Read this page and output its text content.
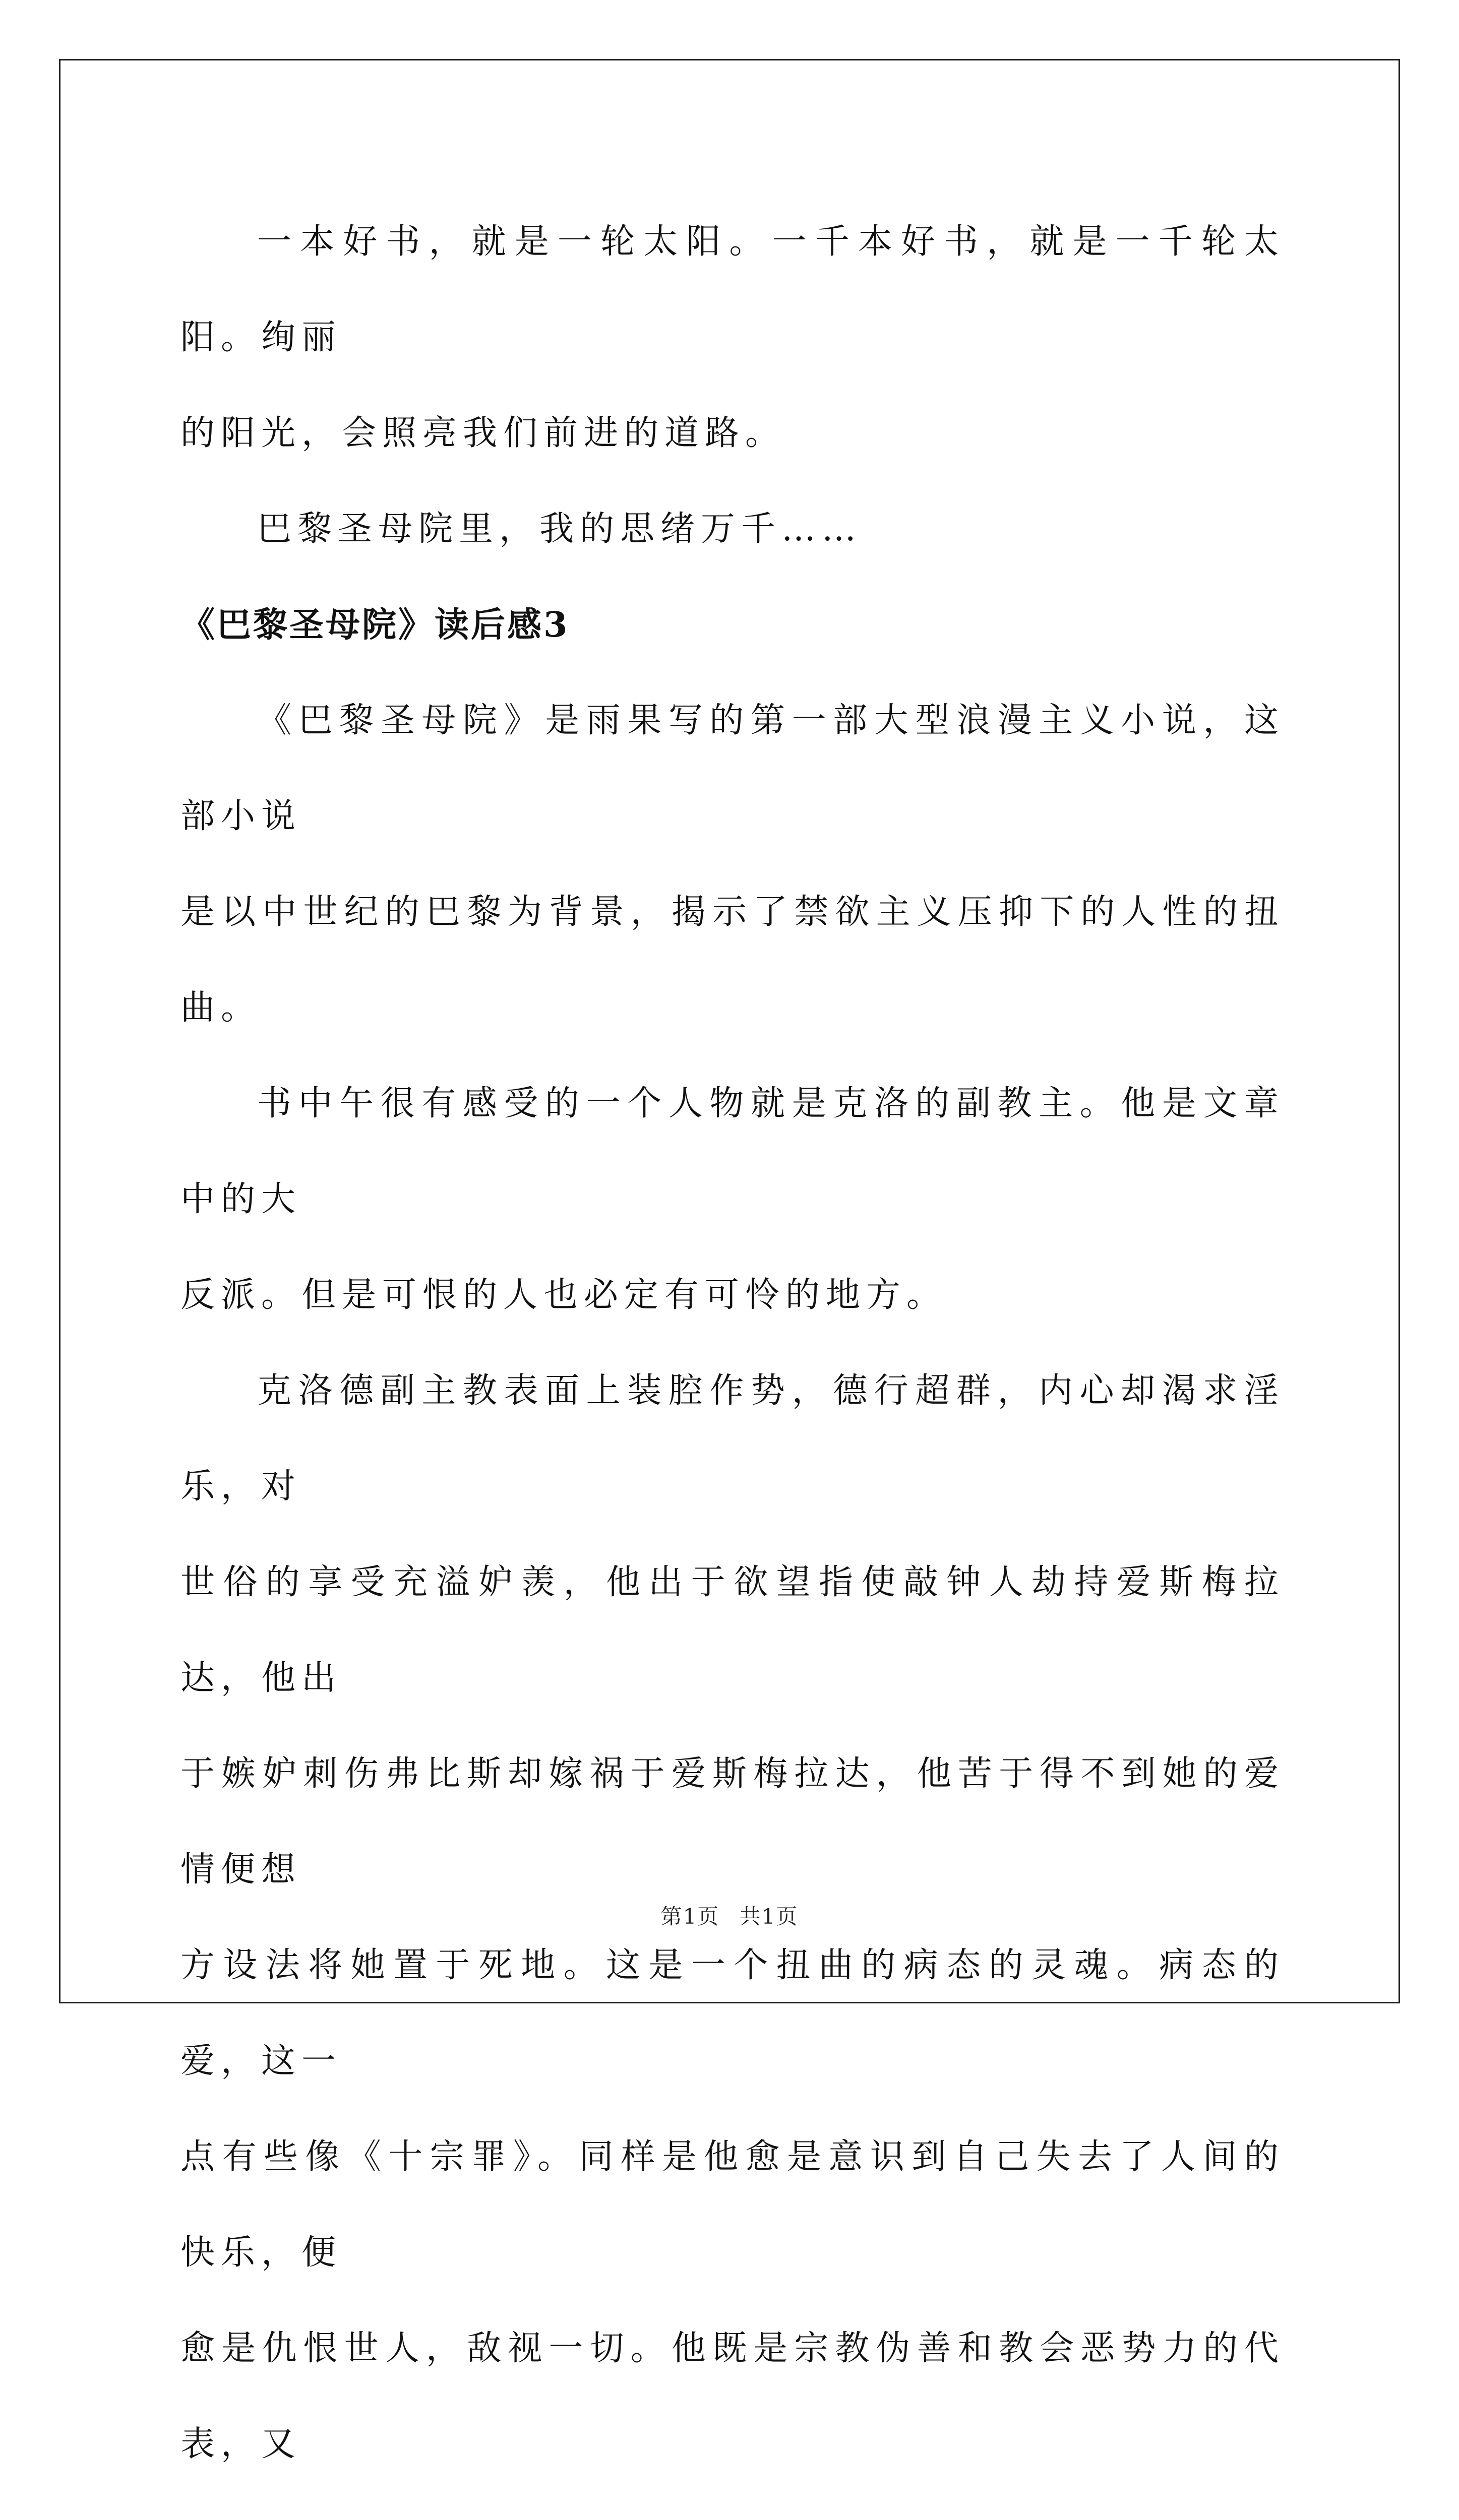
一本好书，就是一轮太阳。一千本好书，就是一千轮太阳。绚丽
的阳光，会照亮我们前进的道路。

巴黎圣母院里，我的思绪万千……

《巴黎圣母院》读后感3

《巴黎圣母院》是雨果写的第一部大型浪漫主义小说，这部小说
是以中世纪的巴黎为背景，揭示了禁欲主义压抑下的人性的扭曲。

书中午很有感受的一个人物就是克洛的副教主。他是文章中的大
反派。但是可恨的人也必定有可怜的地方。

克洛德副主教表面上装腔作势，德行超群，内心却渴求淫乐，对
世俗的享受充溢妒羡，他出于欲望指使敲钟人劫持爱斯梅拉达，他出
于嫉妒刺伤弗比斯却嫁祸于爱斯梅拉达，他苦于得不到她的爱情便想
方设法将她置于死地。这是一个扭曲的病态的灵魂。病态的爱，这一
点有些像《十宗罪》。同样是他愈是意识到自己失去了人间的快乐，便
愈是仇恨世人，敌视一切。他既是宗教伪善和教会恶势力的代表，又

第1页 共1页
